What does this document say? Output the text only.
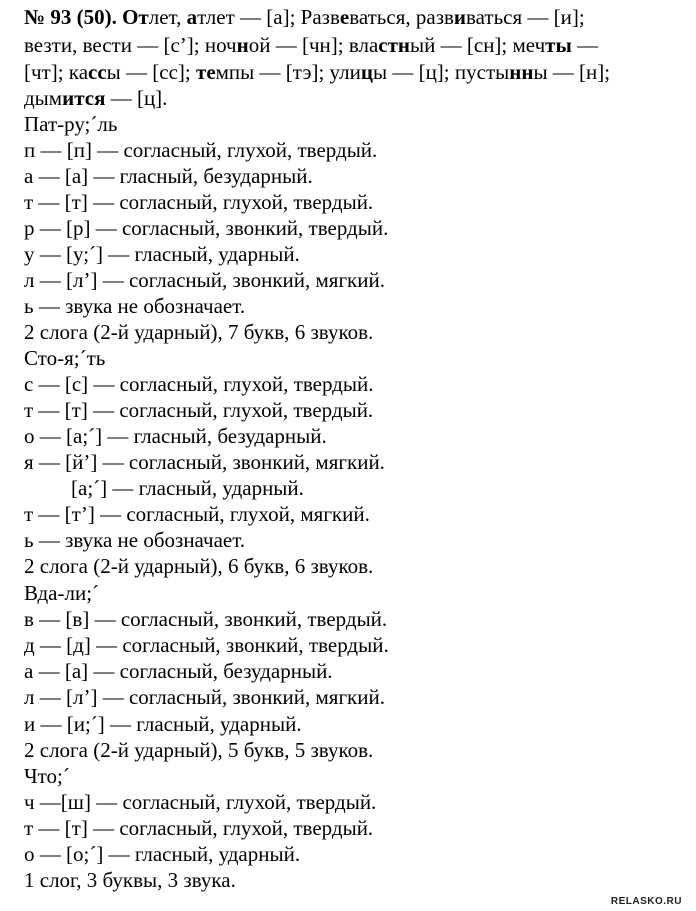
№ 93 (50). Отлет, атлет — [а]; Развеваться, развиваться — [и];
везти, вести — [с’]; ночной — [чн]; властный — [сн]; мечты —
[чт]; кассы — [сс]; темпы — [тэ]; улицы — [ц]; пустынны — [н];
дымится — [ц].
Пат-ру;´ль
п — [п] — согласный, глухой, твердый.
а — [а] — гласный, безударный.
т — [т] — согласный, глухой, твердый.
р — [р] — согласный, звонкий, твердый.
у — [у;´] — гласный, ударный.
л — [л’] — согласный, звонкий, мягкий.
ь — звука не обозначает.
2 слога (2-й ударный), 7 букв, 6 звуков.
Сто-я;´ть
с — [с] — согласный, глухой, твердый.
т — [т] — согласный, глухой, твердый.
о — [а;´] — гласный, безударный.
я — [й’] — согласный, звонкий, мягкий.
[а;´] — гласный, ударный.
т — [т’] — согласный, глухой, мягкий.
ь — звука не обозначает.
2 слога (2-й ударный), 6 букв, 6 звуков.
Вда-ли;´
в — [в] — согласный, звонкий, твердый.
д — [д] — согласный, звонкий, твердый.
а — [а] — согласный, безударный.
л — [л’] — согласный, звонкий, мягкий.
и — [и;´] — гласный, ударный.
2 слога (2-й ударный), 5 букв, 5 звуков.
Что;´
ч —[ш] — согласный, глухой, твердый.
т — [т] — согласный, глухой, твердый.
о — [о;´] — гласный, ударный.
1 слог, 3 буквы, 3 звука.
RELASKO.RU
